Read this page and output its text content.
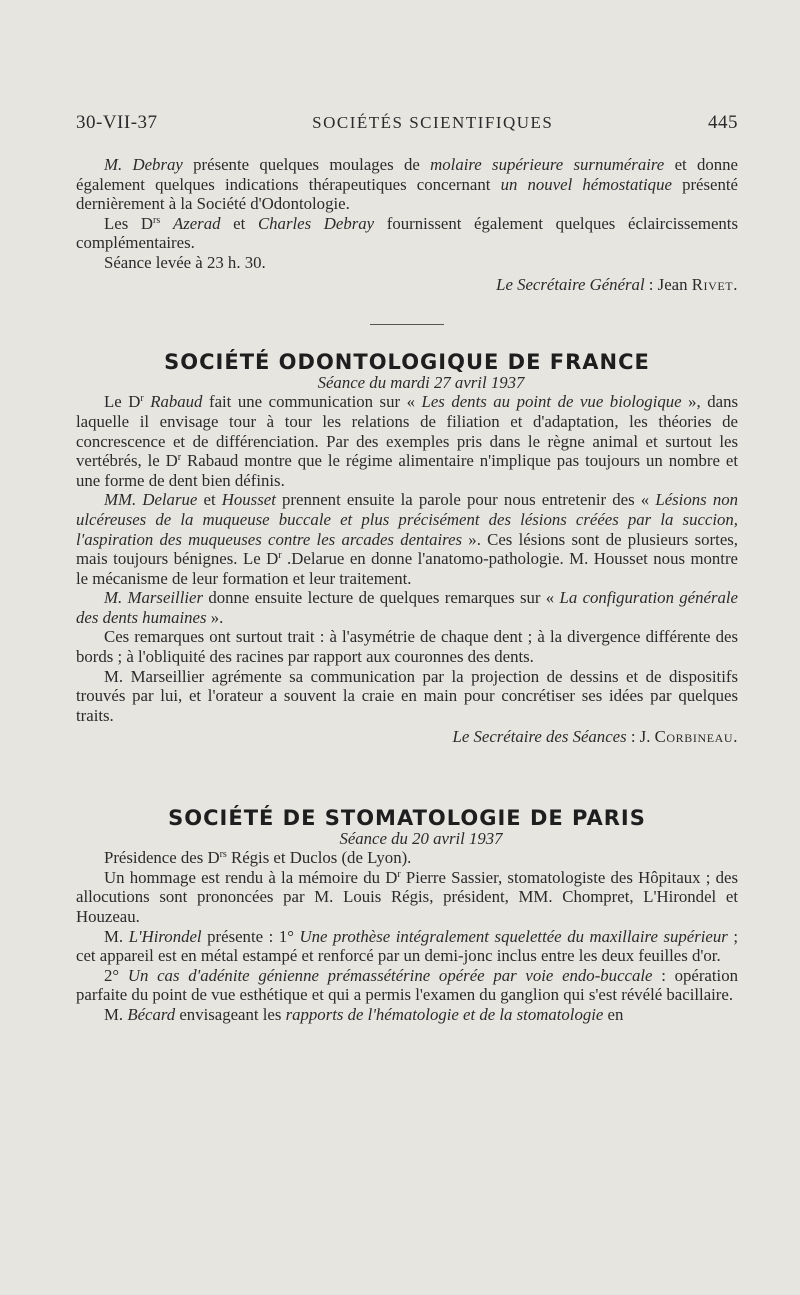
30-VII-37	SOCIÉTÉS SCIENTIFIQUES	445

M. Debray présente quelques moulages de molaire supérieure surnuméraire et donne également quelques indications thérapeutiques concernant un nouvel hémostatique présenté dernièrement à la Société d'Odontologie.

Les $D^{rs}$ Azerad et Charles Debray fournissent également quelques éclaircissements complémentaires.

Séance levée à 23 h. 30.

Le Secrétaire Général : Jean Rivet.

SOCIÉTÉ ODONTOLOGIQUE DE FRANCE

Séance du mardi 27 avril 1937

Le $D^r$ Rabaud fait une communication sur « Les dents au point de vue biologique », dans laquelle il envisage tour à tour les relations de filiation et d'adaptation, les théories de concrescence et de différenciation. Par des exemples pris dans le règne animal et surtout les vertébrés, le $D^r$ Rabaud montre que le régime alimentaire n'implique pas toujours un nombre et une forme de dent bien définis.

MM. Delarue et Housset prennent ensuite la parole pour nous entretenir des « Lésions non ulcéreuses de la muqueuse buccale et plus précisément des lésions créées par la succion, l'aspiration des muqueuses contre les arcades dentaires ». Ces lésions sont de plusieurs sortes, mais toujours bénignes. Le $D^r$ .Delarue en donne l'anatomo-pathologie. M. Housset nous montre le mécanisme de leur formation et leur traitement.

M. Marseillier donne ensuite lecture de quelques remarques sur « La configuration générale des dents humaines ».

Ces remarques ont surtout trait : à l'asymétrie de chaque dent ; à la divergence différente des bords ; à l'obliquité des racines par rapport aux couronnes des dents.

M. Marseillier agrémente sa communication par la projection de dessins et de dispositifs trouvés par lui, et l'orateur a souvent la craie en main pour concrétiser ses idées par quelques traits.

Le Secrétaire des Séances : J. Corbineau.

SOCIÉTÉ DE STOMATOLOGIE DE PARIS

Séance du 20 avril 1937

Présidence des $D^{rs}$ Régis et Duclos (de Lyon).

Un hommage est rendu à la mémoire du $D^r$ Pierre Sassier, stomatologiste des Hôpitaux ; des allocutions sont prononcées par M. Louis Régis, président, MM. Chompret, L'Hirondel et Houzeau.

M. L'Hirondel présente : 1° Une prothèse intégralement squelettée du maxillaire supérieur ; cet appareil est en métal estampé et renforcé par un demi-jonc inclus entre les deux feuilles d'or.

2° Un cas d'adénite génienne prémassétérine opérée par voie endo-buccale : opération parfaite du point de vue esthétique et qui a permis l'examen du ganglion qui s'est révélé bacillaire.

M. Bécard envisageant les rapports de l'hématologie et de la stomatologie en
